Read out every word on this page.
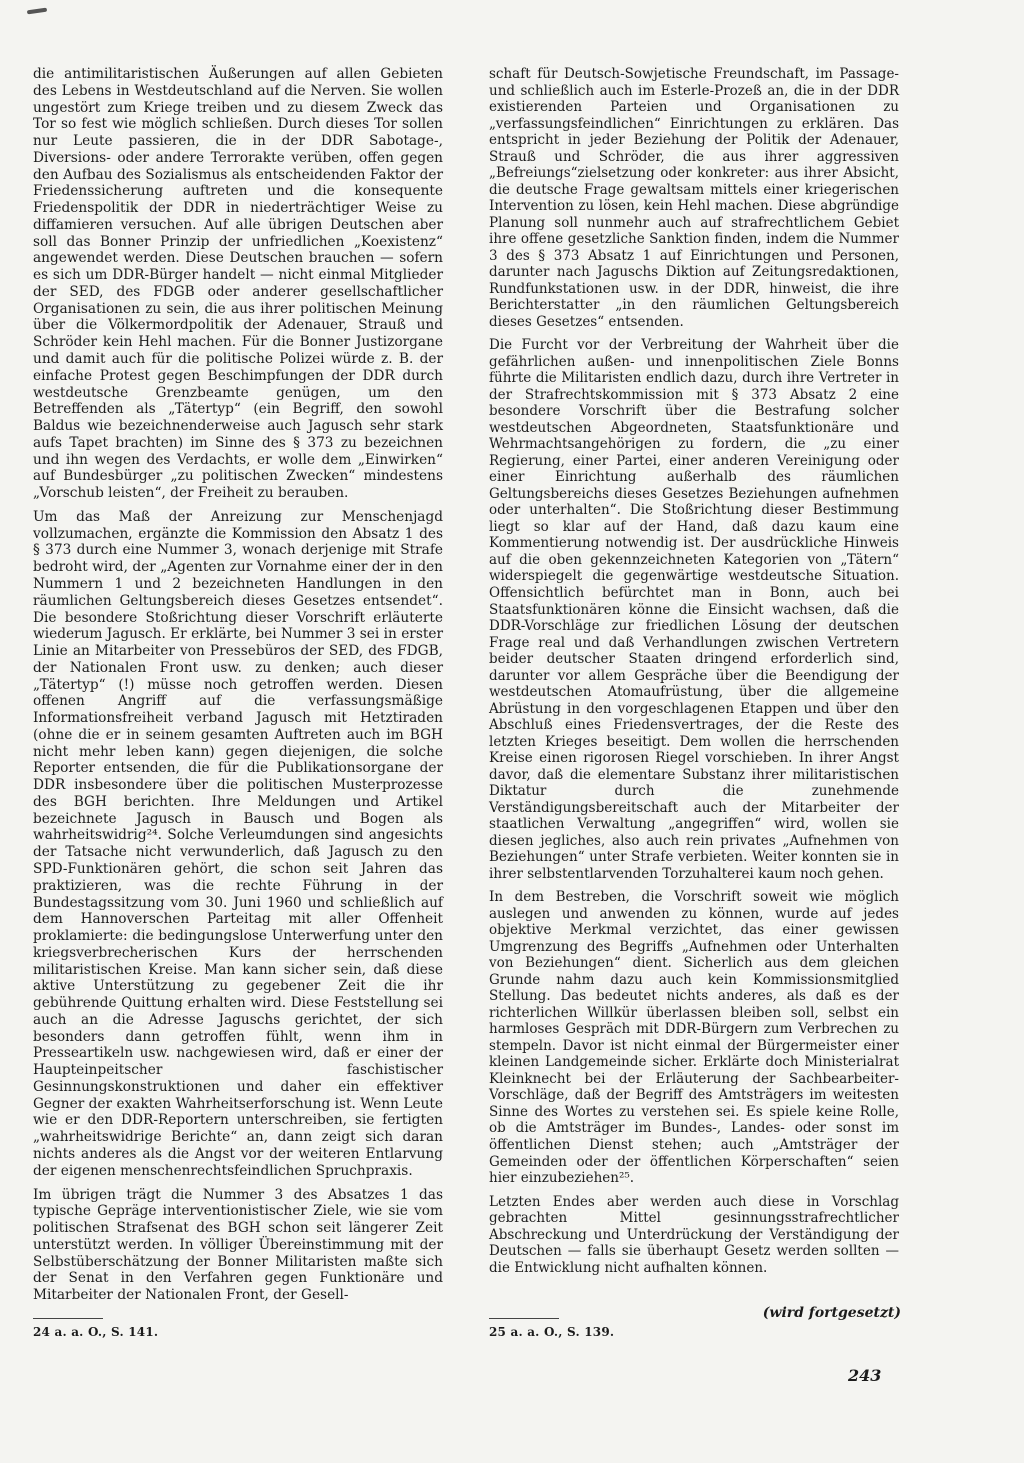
die antimilitaristischen Äußerungen auf allen Gebieten des Lebens in Westdeutschland auf die Nerven. Sie wollen ungestört zum Kriege treiben und zu diesem Zweck das Tor so fest wie möglich schließen. Durch dieses Tor sollen nur Leute passieren, die in der DDR Sabotage-, Diversions- oder andere Terrorakte verüben, offen gegen den Aufbau des Sozialismus als entscheidenden Faktor der Friedenssicherung auftreten und die konsequente Friedenspolitik der DDR in niederträchtiger Weise zu diffamieren versuchen. Auf alle übrigen Deutschen aber soll das Bonner Prinzip der unfriedlichen „Koexistenz“ angewendet werden. Diese Deutschen brauchen — sofern es sich um DDR-Bürger handelt — nicht einmal Mitglieder der SED, des FDGB oder anderer gesellschaftlicher Organisationen zu sein, die aus ihrer politischen Meinung über die Völkermordpolitik der Adenauer, Strauß und Schröder kein Hehl machen. Für die Bonner Justizorgane und damit auch für die politische Polizei würde z. B. der einfache Protest gegen Beschimpfungen der DDR durch westdeutsche Grenzbeamte genügen, um den Betreffenden als „Tätertyp“ (ein Begriff, den sowohl Baldus wie bezeichnenderweise auch Jagusch sehr stark aufs Tapet brachten) im Sinne des § 373 zu bezeichnen und ihn wegen des Verdachts, er wolle dem „Einwirken“ auf Bundesbürger „zu politischen Zwecken“ mindestens „Vorschub leisten“, der Freiheit zu berauben.

Um das Maß der Anreizung zur Menschenjagd vollzumachen, ergänzte die Kommission den Absatz 1 des § 373 durch eine Nummer 3, wonach derjenige mit Strafe bedroht wird, der „Agenten zur Vornahme einer der in den Nummern 1 und 2 bezeichneten Handlungen in den räumlichen Geltungsbereich dieses Gesetzes entsendet“. Die besondere Stoßrichtung dieser Vorschrift erläuterte wiederum Jagusch. Er erklärte, bei Nummer 3 sei in erster Linie an Mitarbeiter von Pressebüros der SED, des FDGB, der Nationalen Front usw. zu denken; auch dieser „Tätertyp“ (!) müsse noch getroffen werden. Diesen offenen Angriff auf die verfassungsmäßige Informationsfreiheit verband Jagusch mit Hetztiraden (ohne die er in seinem gesamten Auftreten auch im BGH nicht mehr leben kann) gegen diejenigen, die solche Reporter entsenden, die für die Publikationsorgane der DDR insbesondere über die politischen Musterprozesse des BGH berichten. Ihre Meldungen und Artikel bezeichnete Jagusch in Bausch und Bogen als wahrheitswidrig²⁴. Solche Verleumdungen sind angesichts der Tatsache nicht verwunderlich, daß Jagusch zu den SPD-Funktionären gehört, die schon seit Jahren das praktizieren, was die rechte Führung in der Bundestagssitzung vom 30. Juni 1960 und schließlich auf dem Hannoverschen Parteitag mit aller Offenheit proklamierte: die bedingungslose Unterwerfung unter den kriegsverbrecherischen Kurs der herrschenden militaristischen Kreise. Man kann sicher sein, daß diese aktive Unterstützung zu gegebener Zeit die ihr gebührende Quittung erhalten wird. Diese Feststellung sei auch an die Adresse Jaguschs gerichtet, der sich besonders dann getroffen fühlt, wenn ihm in Presseartikeln usw. nachgewiesen wird, daß er einer der Haupteinpeitscher faschistischer Gesinnungskonstruktionen und daher ein effektiver Gegner der exakten Wahrheitserforschung ist. Wenn Leute wie er den DDR-Reportern unterschreiben, sie fertigten „wahrheitswidrige Berichte“ an, dann zeigt sich daran nichts anderes als die Angst vor der weiteren Entlarvung der eigenen menschenrechtsfeindlichen Spruchpraxis.

Im übrigen trägt die Nummer 3 des Absatzes 1 das typische Gepräge interventionistischer Ziele, wie sie vom politischen Strafsenat des BGH schon seit längerer Zeit unterstützt werden. In völliger Übereinstimmung mit der Selbstüberschätzung der Bonner Militaristen maßte sich der Senat in den Verfahren gegen Funktionäre und Mitarbeiter der Nationalen Front, der Gesell-

schaft für Deutsch-Sowjetische Freundschaft, im Passage- und schließlich auch im Esterle-Prozeß an, die in der DDR existierenden Parteien und Organisationen zu „verfassungsfeindlichen“ Einrichtungen zu erklären. Das entspricht in jeder Beziehung der Politik der Adenauer, Strauß und Schröder, die aus ihrer aggressiven „Befreiungs“zielsetzung oder konkreter: aus ihrer Absicht, die deutsche Frage gewaltsam mittels einer kriegerischen Intervention zu lösen, kein Hehl machen. Diese abgründige Planung soll nunmehr auch auf strafrechtlichem Gebiet ihre offene gesetzliche Sanktion finden, indem die Nummer 3 des § 373 Absatz 1 auf Einrichtungen und Personen, darunter nach Jaguschs Diktion auf Zeitungsredaktionen, Rundfunkstationen usw. in der DDR, hinweist, die ihre Berichterstatter „in den räumlichen Geltungsbereich dieses Gesetzes“ entsenden.

Die Furcht vor der Verbreitung der Wahrheit über die gefährlichen außen- und innenpolitischen Ziele Bonns führte die Militaristen endlich dazu, durch ihre Vertreter in der Strafrechtskommission mit § 373 Absatz 2 eine besondere Vorschrift über die Bestrafung solcher westdeutschen Abgeordneten, Staatsfunktionäre und Wehrmachtsangehörigen zu fordern, die „zu einer Regierung, einer Partei, einer anderen Vereinigung oder einer Einrichtung außerhalb des räumlichen Geltungsbereichs dieses Gesetzes Beziehungen aufnehmen oder unterhalten“. Die Stoßrichtung dieser Bestimmung liegt so klar auf der Hand, daß dazu kaum eine Kommentierung notwendig ist. Der ausdrückliche Hinweis auf die oben gekennzeichneten Kategorien von „Tätern“ widerspiegelt die gegenwärtige westdeutsche Situation. Offensichtlich befürchtet man in Bonn, auch bei Staatsfunktionären könne die Einsicht wachsen, daß die DDR-Vorschläge zur friedlichen Lösung der deutschen Frage real und daß Verhandlungen zwischen Vertretern beider deutscher Staaten dringend erforderlich sind, darunter vor allem Gespräche über die Beendigung der westdeutschen Atomaufrüstung, über die allgemeine Abrüstung in den vorgeschlagenen Etappen und über den Abschluß eines Friedensvertrages, der die Reste des letzten Krieges beseitigt. Dem wollen die herrschenden Kreise einen rigorosen Riegel vorschieben. In ihrer Angst davor, daß die elementare Substanz ihrer militaristischen Diktatur durch die zunehmende Verständigungsbereitschaft auch der Mitarbeiter der staatlichen Verwaltung „angegriffen“ wird, wollen sie diesen jegliches, also auch rein privates „Aufnehmen von Beziehungen“ unter Strafe verbieten. Weiter konnten sie in ihrer selbstentlarvenden Torzuhalterei kaum noch gehen.

In dem Bestreben, die Vorschrift soweit wie möglich auslegen und anwenden zu können, wurde auf jedes objektive Merkmal verzichtet, das einer gewissen Umgrenzung des Begriffs „Aufnehmen oder Unterhalten von Beziehungen“ dient. Sicherlich aus dem gleichen Grunde nahm dazu auch kein Kommissionsmitglied Stellung. Das bedeutet nichts anderes, als daß es der richterlichen Willkür überlassen bleiben soll, selbst ein harmloses Gespräch mit DDR-Bürgern zum Verbrechen zu stempeln. Davor ist nicht einmal der Bürgermeister einer kleinen Landgemeinde sicher. Erklärte doch Ministerialrat Kleinknecht bei der Erläuterung der Sachbearbeiter-Vorschläge, daß der Begriff des Amtsträgers im weitesten Sinne des Wortes zu verstehen sei. Es spiele keine Rolle, ob die Amtsträger im Bundes-, Landes- oder sonst im öffentlichen Dienst stehen; auch „Amtsträger der Gemeinden oder der öffentlichen Körperschaften“ seien hier einzubeziehen²⁵.

Letzten Endes aber werden auch diese in Vorschlag gebrachten Mittel gesinnungsstrafrechtlicher Abschreckung und Unterdrückung der Verständigung der Deutschen — falls sie überhaupt Gesetz werden sollten — die Entwicklung nicht aufhalten können.

(wird fortgesetzt)
24 a. a. O., S. 141.	25 a. a. O., S. 139.
243
